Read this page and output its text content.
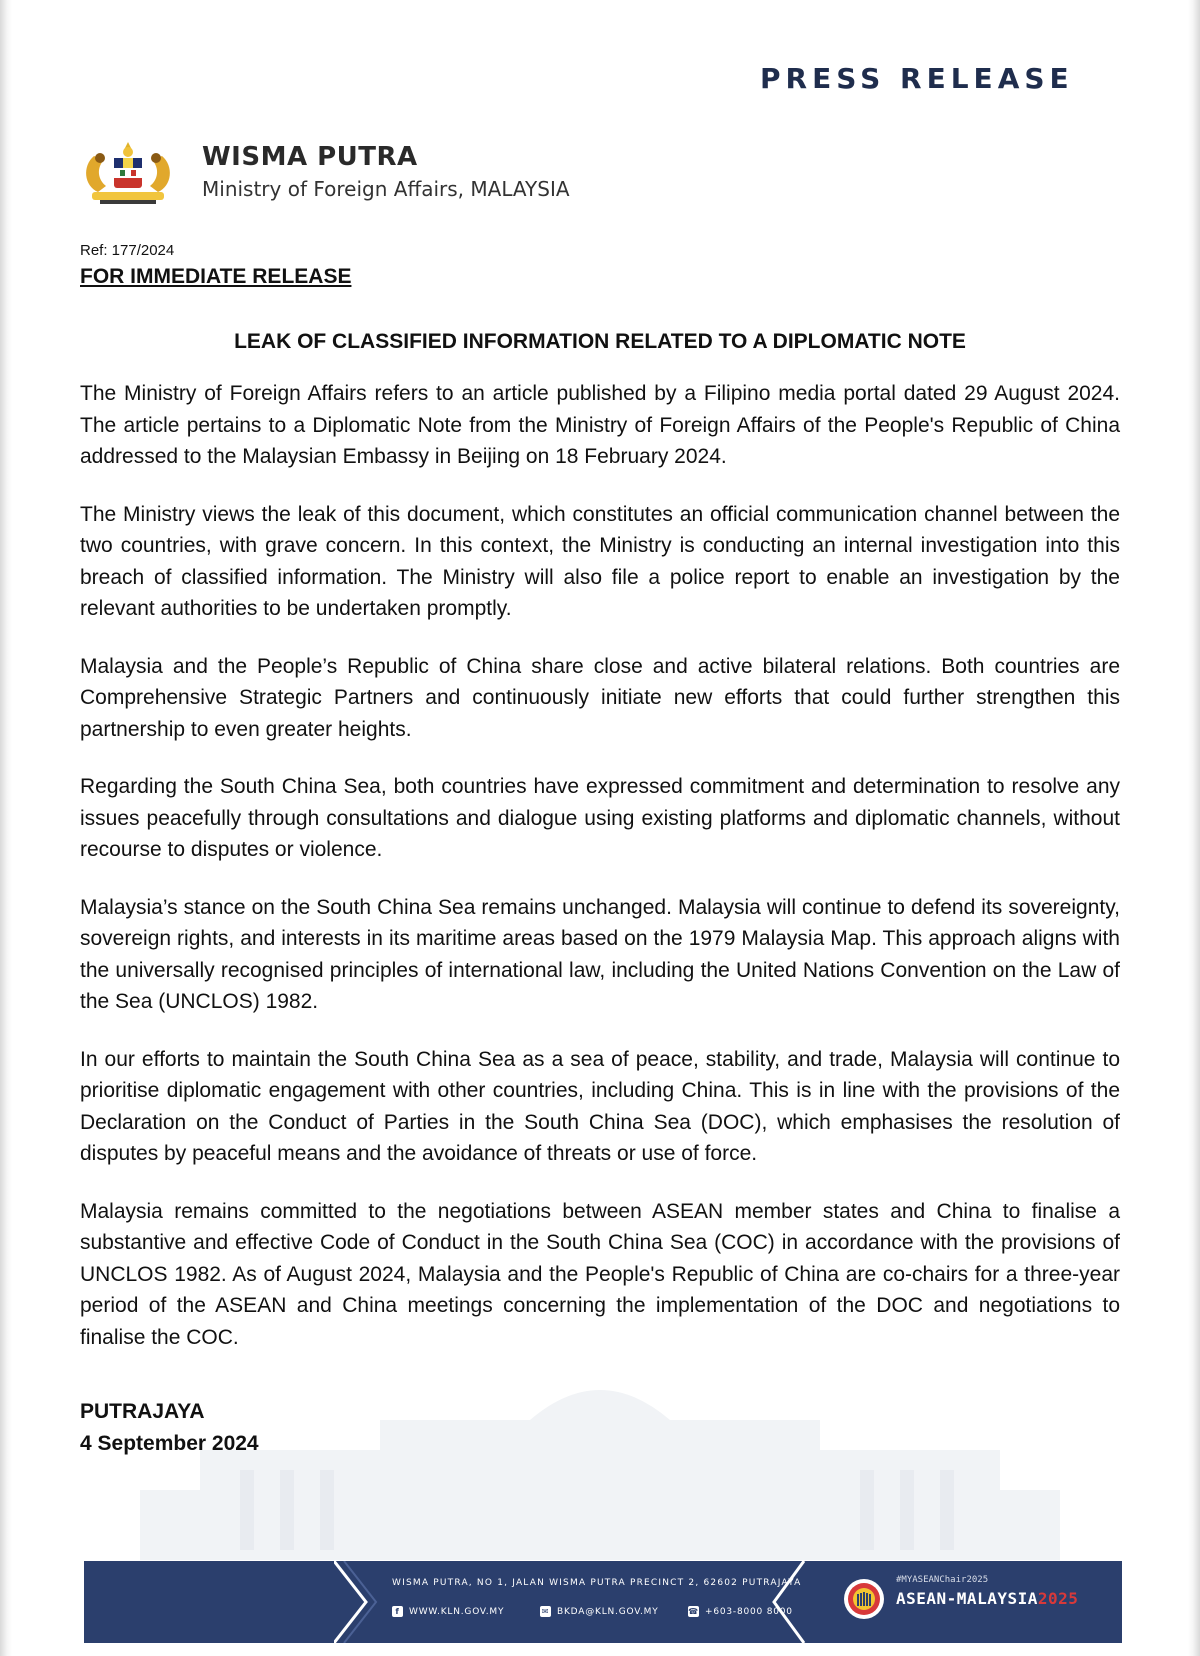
PRESS RELEASE
WISMA PUTRA
Ministry of Foreign Affairs, MALAYSIA
Ref: 177/2024
FOR IMMEDIATE RELEASE
LEAK OF CLASSIFIED INFORMATION RELATED TO A DIPLOMATIC NOTE

The Ministry of Foreign Affairs refers to an article published by a Filipino media portal dated 29 August 2024. The article pertains to a Diplomatic Note from the Ministry of Foreign Affairs of the People's Republic of China addressed to the Malaysian Embassy in Beijing on 18 February 2024.

The Ministry views the leak of this document, which constitutes an official communication channel between the two countries, with grave concern. In this context, the Ministry is conducting an internal investigation into this breach of classified information. The Ministry will also file a police report to enable an investigation by the relevant authorities to be undertaken promptly.

Malaysia and the People’s Republic of China share close and active bilateral relations. Both countries are Comprehensive Strategic Partners and continuously initiate new efforts that could further strengthen this partnership to even greater heights.

Regarding the South China Sea, both countries have expressed commitment and determination to resolve any issues peacefully through consultations and dialogue using existing platforms and diplomatic channels, without recourse to disputes or violence.

Malaysia’s stance on the South China Sea remains unchanged. Malaysia will continue to defend its sovereignty, sovereign rights, and interests in its maritime areas based on the 1979 Malaysia Map. This approach aligns with the universally recognised principles of international law, including the United Nations Convention on the Law of the Sea (UNCLOS) 1982.

In our efforts to maintain the South China Sea as a sea of peace, stability, and trade, Malaysia will continue to prioritise diplomatic engagement with other countries, including China. This is in line with the provisions of the Declaration on the Conduct of Parties in the South China Sea (DOC), which emphasises the resolution of disputes by peaceful means and the avoidance of threats or use of force.

Malaysia remains committed to the negotiations between ASEAN member states and China to finalise a substantive and effective Code of Conduct in the South China Sea (COC) in accordance with the provisions of UNCLOS 1982. As of August 2024, Malaysia and the People's Republic of China are co-chairs for a three-year period of the ASEAN and China meetings concerning the implementation of the DOC and negotiations to finalise the COC.

PUTRAJAYA
4 September 2024
WISMA PUTRA, NO 1, JALAN WISMA PUTRA PRECINCT 2, 62602 PUTRAJAYA
f	WWW.KLN.GOV.MY	✉ BKDA@KLN.GOV.MY	☎ +603-8000 8000
#MYASEANChair2025
ASEAN-MALAYSIA2025
